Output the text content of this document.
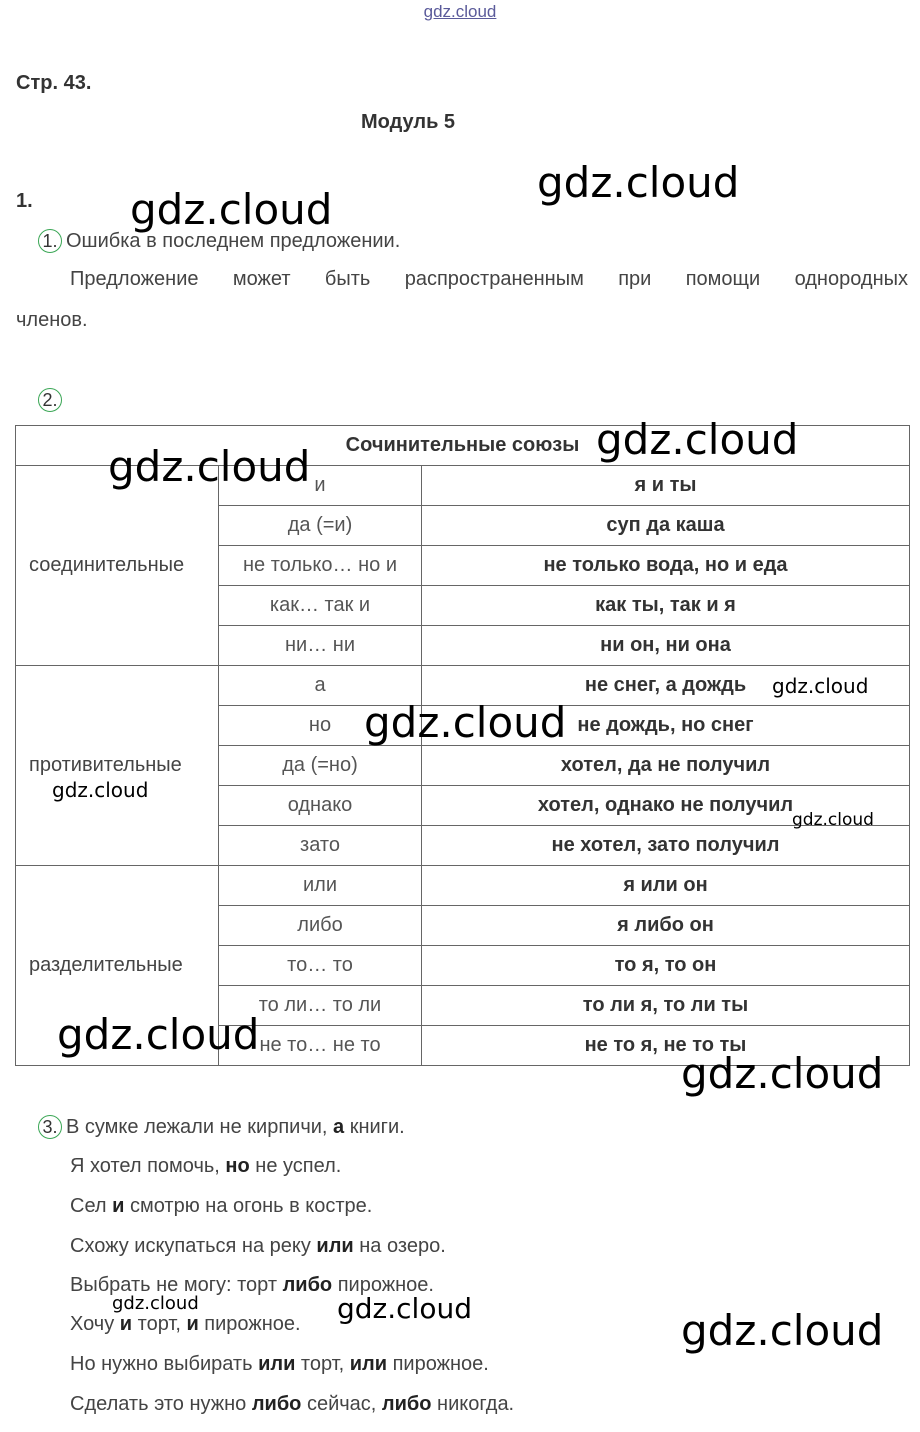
gdz.cloud
Стр. 43.
Модуль 5
1.
1. Ошибка в последнем предложении.
Предложение может быть распространенным при помощи однородных
членов.
2.
Сочинительные союзы		
соединительные	и	я и ты
	да (=и)	суп да каша
	не только… но и	не только вода, но и еда
	как… так и	как ты, так и я
	ни… ни	ни он, ни она
противительные	а	не снег, а дождь
	но	не дождь, но снег
	да (=но)	хотел, да не получил
	однако	хотел, однако не получил
	зато	не хотел, зато получил
разделительные	или	я или он
	либо	я либо он
	то… то	то я, то он
	то ли… то ли	то ли я, то ли ты
	не то… не то	не то я, не то ты
3. В сумке лежали не кирпичи, а книги.
Я хотел помочь, но не успел.
Сел и смотрю на огонь в костре.
Схожу искупаться на реку или на озеро.
Выбрать не могу: торт либо пирожное.
Хочу и торт, и пирожное.
Но нужно выбирать или торт, или пирожное.
Сделать это нужно либо сейчас, либо никогда.
gdz.cloud
gdz.cloud
gdz.cloud
gdz.cloud
gdz.cloud
gdz.cloud
gdz.cloud
gdz.cloud
gdz.cloud
gdz.cloud
gdz.cloud	gdz.cloud	gdz.cloud
